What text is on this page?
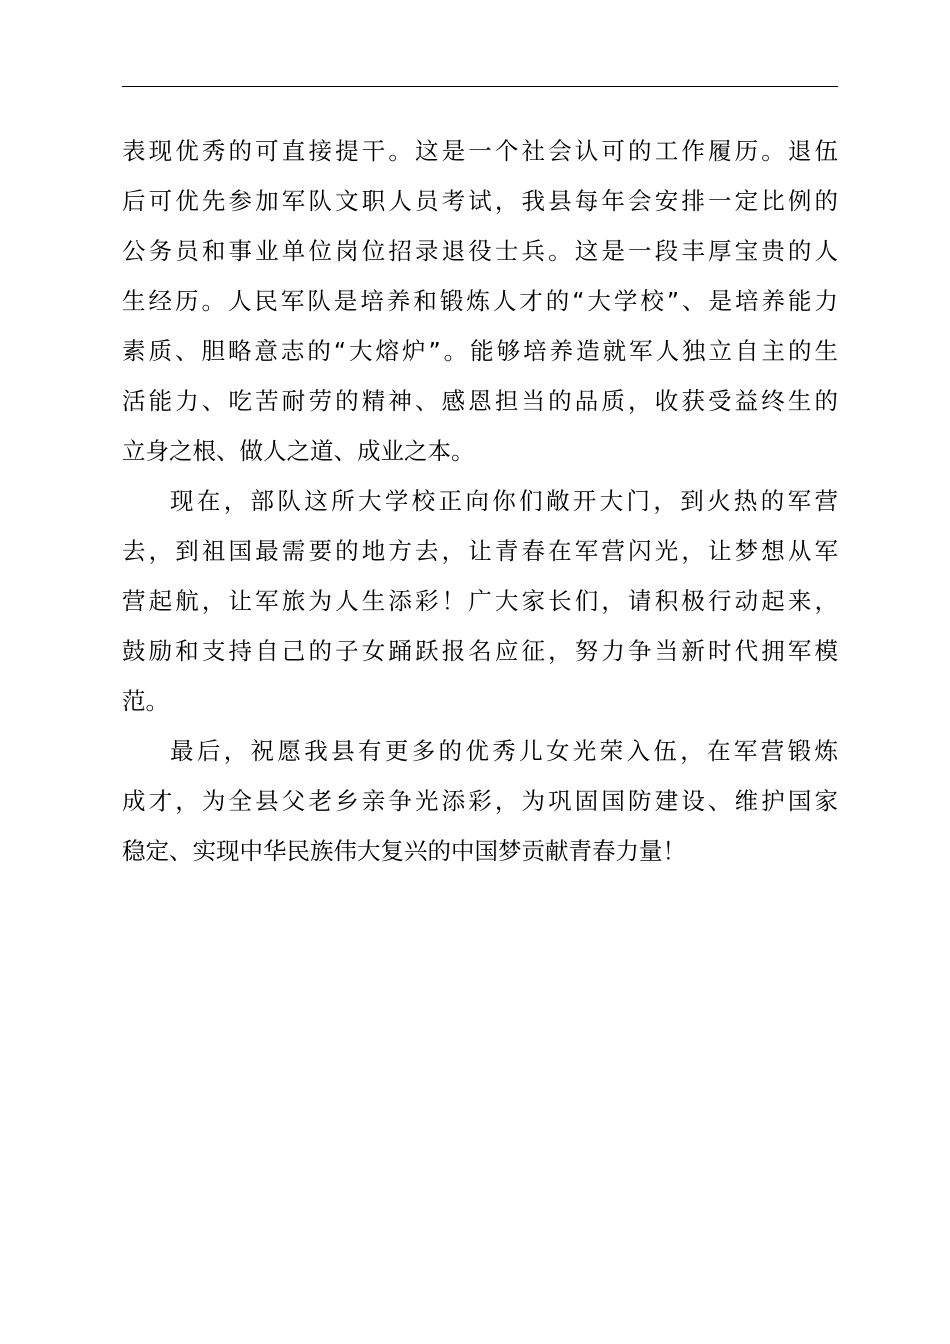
表现优秀的可直接提干。这是一个社会认可的工作履历。退伍
后可优先参加军队文职人员考试，我县每年会安排一定比例的
公务员和事业单位岗位招录退役士兵。这是一段丰厚宝贵的人
生经历。人民军队是培养和锻炼人才的“大学校”、是培养能力
素质、胆略意志的“大熔炉”。能够培养造就军人独立自主的生
活能力、吃苦耐劳的精神、感恩担当的品质，收获受益终生的
立身之根、做人之道、成业之本。
现在，部队这所大学校正向你们敞开大门，到火热的军营
去，到祖国最需要的地方去，让青春在军营闪光，让梦想从军
营起航，让军旅为人生添彩！广大家长们，请积极行动起来，
鼓励和支持自己的子女踊跃报名应征，努力争当新时代拥军模
范。
最后，祝愿我县有更多的优秀儿女光荣入伍，在军营锻炼
成才，为全县父老乡亲争光添彩，为巩固国防建设、维护国家
稳定、实现中华民族伟大复兴的中国梦贡献青春力量！
